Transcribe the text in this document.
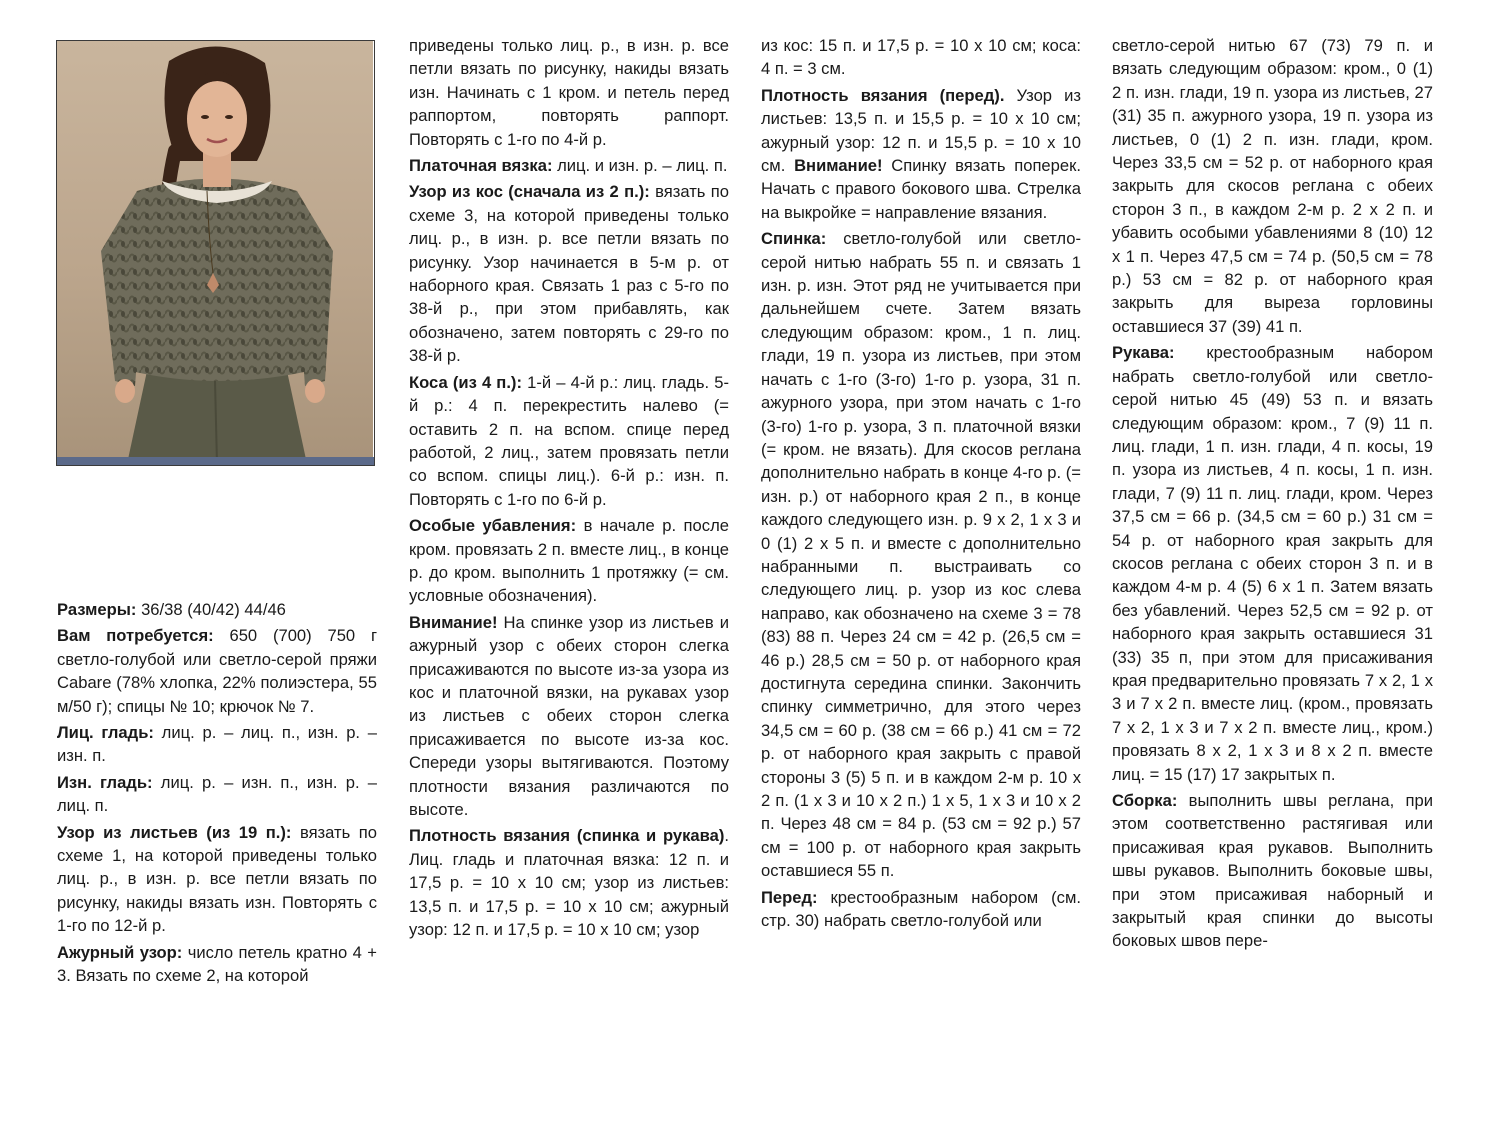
Размеры: 36/38 (40/42) 44/46

Вам потребуется: 650 (700) 750 г светло-голубой или светло-серой пряжи Cabare (78% хлопка, 22% полиэстера, 55 м/50 г); спицы № 10; крючок № 7.

Лиц. гладь: лиц. р. – лиц. п., изн. р. – изн. п.

Изн. гладь: лиц. р. – изн. п., изн. р. – лиц. п.

Узор из листьев (из 19 п.): вязать по схеме 1, на которой приведены только лиц. р., в изн. р. все петли вязать по рисунку, накиды вязать изн. Повторять с 1-го по 12-й р.

Ажурный узор: число петель кратно 4 + 3. Вязать по схеме 2, на которой

приведены только лиц. р., в изн. р. все петли вязать по рисунку, накиды вязать изн. Начинать с 1 кром. и петель перед раппортом, повторять раппорт. Повторять с 1-го по 4-й р.

Платочная вязка: лиц. и изн. р. – лиц. п.

Узор из кос (сначала из 2 п.): вязать по схеме 3, на которой приведены только лиц. р., в изн. р. все петли вязать по рисунку. Узор начинается в 5-м р. от наборного края. Связать 1 раз с 5-го по 38-й р., при этом прибавлять, как обозначено, затем повторять с 29-го по 38-й р.

Коса (из 4 п.): 1-й – 4-й р.: лиц. гладь. 5-й р.: 4 п. перекрестить налево (= оставить 2 п. на вспом. спице перед работой, 2 лиц., затем провязать петли со вспом. спицы лиц.). 6-й р.: изн. п. Повторять с 1-го по 6-й р.

Особые убавления: в начале р. после кром. провязать 2 п. вместе лиц., в конце р. до кром. выполнить 1 протяжку (= см. условные обозначения).

Внимание! На спинке узор из листьев и ажурный узор с обеих сторон слегка присаживаются по высоте из-за узора из кос и платочной вязки, на рукавах узор из листьев с обеих сторон слегка присаживается по высоте из-за кос. Спереди узоры вытягиваются. Поэтому плотности вязания различаются по высоте.

Плотность вязания (спинка и рукава). Лиц. гладь и платочная вязка: 12 п. и 17,5 р. = 10 х 10 см; узор из листьев: 13,5 п. и 17,5 р. = 10 х 10 см; ажурный узор: 12 п. и 17,5 р. = 10 х 10 см; узор

из кос: 15 п. и 17,5 р. = 10 х 10 см; коса: 4 п. = 3 см.

Плотность вязания (перед). Узор из листьев: 13,5 п. и 15,5 р. = 10 х 10 см; ажурный узор: 12 п. и 15,5 р. = 10 х 10 см. Внимание! Спинку вязать поперек. Начать с правого бокового шва. Стрелка на выкройке = направление вязания.

Спинка: светло-голубой или светло-серой нитью набрать 55 п. и связать 1 изн. р. изн. Этот ряд не учитывается при дальнейшем счете. Затем вязать следующим образом: кром., 1 п. лиц. глади, 19 п. узора из листьев, при этом начать с 1-го (3-го) 1-го р. узора, 31 п. ажурного узора, при этом начать с 1-го (3-го) 1-го р. узора, 3 п. платочной вязки (= кром. не вязать). Для скосов реглана дополнительно набрать в конце 4-го р. (= изн. р.) от наборного края 2 п., в конце каждого следующего изн. р. 9 х 2, 1 х 3 и 0 (1) 2 х 5 п. и вместе с дополнительно набранными п. выстраивать со следующего лиц. р. узор из кос слева направо, как обозначено на схеме 3 = 78 (83) 88 п. Через 24 см = 42 р. (26,5 см = 46 р.) 28,5 см = 50 р. от наборного края достигнута середина спинки. Закончить спинку симметрично, для этого через 34,5 см = 60 р. (38 см = 66 р.) 41 см = 72 р. от наборного края закрыть с правой стороны 3 (5) 5 п. и в каждом 2-м р. 10 х 2 п. (1 х 3 и 10 х 2 п.) 1 х 5, 1 х 3 и 10 х 2 п. Через 48 см = 84 р. (53 см = 92 р.) 57 см = 100 р. от наборного края закрыть оставшиеся 55 п.

Перед: крестообразным набором (см. стр. 30) набрать светло-голубой или

светло-серой нитью 67 (73) 79 п. и вязать следующим образом: кром., 0 (1) 2 п. изн. глади, 19 п. узора из листьев, 27 (31) 35 п. ажурного узора, 19 п. узора из листьев, 0 (1) 2 п. изн. глади, кром. Через 33,5 см = 52 р. от наборного края закрыть для скосов реглана с обеих сторон 3 п., в каждом 2-м р. 2 х 2 п. и убавить особыми убавлениями 8 (10) 12 х 1 п. Через 47,5 см = 74 р. (50,5 см = 78 р.) 53 см = 82 р. от наборного края закрыть для выреза горловины оставшиеся 37 (39) 41 п.

Рукава: крестообразным набором набрать светло-голубой или светло-серой нитью 45 (49) 53 п. и вязать следующим образом: кром., 7 (9) 11 п. лиц. глади, 1 п. изн. глади, 4 п. косы, 19 п. узора из листьев, 4 п. косы, 1 п. изн. глади, 7 (9) 11 п. лиц. глади, кром. Через 37,5 см = 66 р. (34,5 см = 60 р.) 31 см = 54 р. от наборного края закрыть для скосов реглана с обеих сторон 3 п. и в каждом 4-м р. 4 (5) 6 х 1 п. Затем вязать без убавлений. Через 52,5 см = 92 р. от наборного края закрыть оставшиеся 31 (33) 35 п, при этом для присаживания края предварительно провязать 7 х 2, 1 х 3 и 7 х 2 п. вместе лиц. (кром., провязать 7 х 2, 1 х 3 и 7 х 2 п. вместе лиц., кром.) провязать 8 х 2, 1 х 3 и 8 х 2 п. вместе лиц. = 15 (17) 17 закрытых п.

Сборка: выполнить швы реглана, при этом соответственно растягивая или присаживая края рукавов. Выполнить швы рукавов. Выполнить боковые швы, при этом присаживая наборный и закрытый края спинки до высоты боковых швов пере-
